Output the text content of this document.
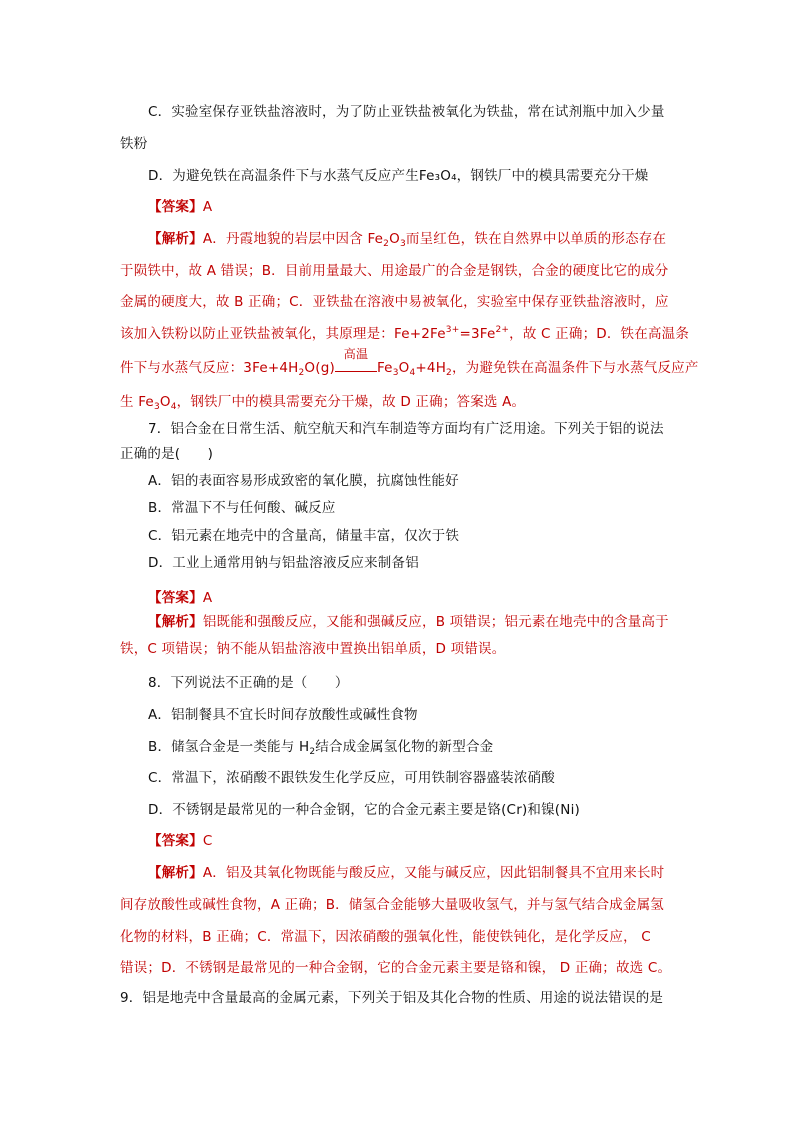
C．实验室保存亚铁盐溶液时，为了防止亚铁盐被氧化为铁盐，常在试剂瓶中加入少量
铁粉
D．为避免铁在高温条件下与水蒸气反应产生Fe₃O₄，钢铁厂中的模具需要充分干燥
【答案】A
【解析】A．丹霞地貌的岩层中因含 $Fe_2O_3$而呈红色，铁在自然界中以单质的形态存在
于陨铁中，故 A 错误；B．目前用量最大、用途最广的合金是钢铁，合金的硬度比它的成分
金属的硬度大，故 B 正确；C．亚铁盐在溶液中易被氧化，实验室中保存亚铁盐溶液时，应
该加入铁粉以防止亚铁盐被氧化，其原理是：$Fe+2Fe^{3+}=3Fe^{2+}$，故 C 正确；D．铁在高温条
件下与水蒸气反应：$3Fe+4H_2O(g)$
高温
$Fe_3O_4+4H_2$，为避免铁在高温条件下与水蒸气反应产
生 $Fe_3O_4$，钢铁厂中的模具需要充分干燥，故 D 正确；答案选 A。
7．铝合金在日常生活、航空航天和汽车制造等方面均有广泛用途。下列关于铝的说法
正确的是(　　)
A．铝的表面容易形成致密的氧化膜，抗腐蚀性能好
B．常温下不与任何酸、碱反应
C．铝元素在地壳中的含量高，储量丰富，仅次于铁
D．工业上通常用钠与铝盐溶液反应来制备铝
【答案】A
【解析】铝既能和强酸反应，又能和强碱反应，B 项错误；铝元素在地壳中的含量高于
铁，C 项错误；钠不能从铝盐溶液中置换出铝单质，D 项错误。
8．下列说法不正确的是（　　）
A．铝制餐具不宜长时间存放酸性或碱性食物
B．储氢合金是一类能与 $H_2$结合成金属氢化物的新型合金
C．常温下，浓硝酸不跟铁发生化学反应，可用铁制容器盛装浓硝酸
D．不锈钢是最常见的一种合金钢，它的合金元素主要是铬(Cr)和镍(Ni)
【答案】C
【解析】A．铝及其氧化物既能与酸反应，又能与碱反应，因此铝制餐具不宜用来长时
间存放酸性或碱性食物，A 正确；B．储氢合金能够大量吸收氢气，并与氢气结合成金属氢
化物的材料，B 正确；C．常温下，因浓硝酸的强氧化性，能使铁钝化，是化学反应， C
错误；D．不锈钢是最常见的一种合金钢，它的合金元素主要是铬和镍， D 正确；故选 C。
9．铝是地壳中含量最高的金属元素，下列关于铝及其化合物的性质、用途的说法错误的是
